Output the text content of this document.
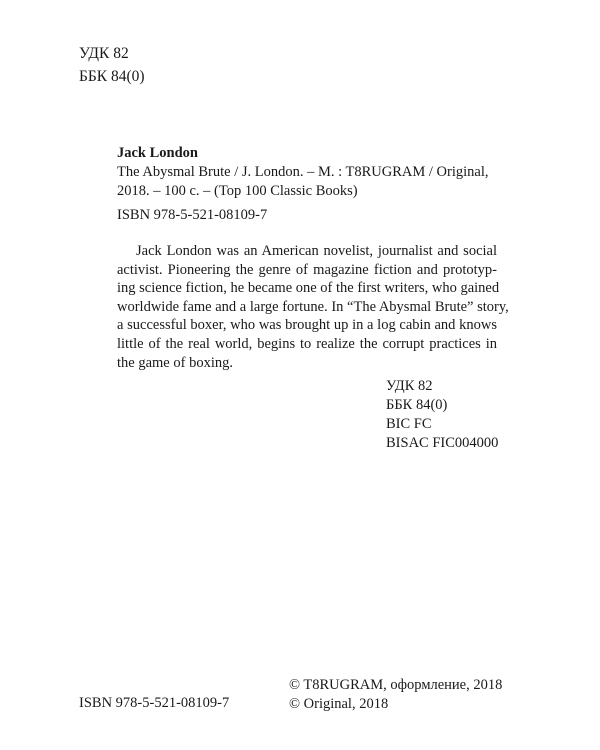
УДК 82
ББК 84(0)
Jack London
The Abysmal Brute / J. London. – M. : T8RUGRAM / Original,
2018. – 100 с. – (Top 100 Classic Books)
ISBN 978-5-521-08109-7

Jack London was an American novelist, journalist and social
activist. Pioneering the genre of magazine fiction and prototyp-
ing science fiction, he became one of the first writers, who gained
worldwide fame and a large fortune. In “The Abysmal Brute” story,
a successful boxer, who was brought up in a log cabin and knows
little of the real world, begins to realize the corrupt practices in
the game of boxing.

УДК 82
ББК 84(0)
BIC FC
BISAC FIC004000
ISBN 978-5-521-08109-7
© T8RUGRAM, оформление, 2018
© Original, 2018
